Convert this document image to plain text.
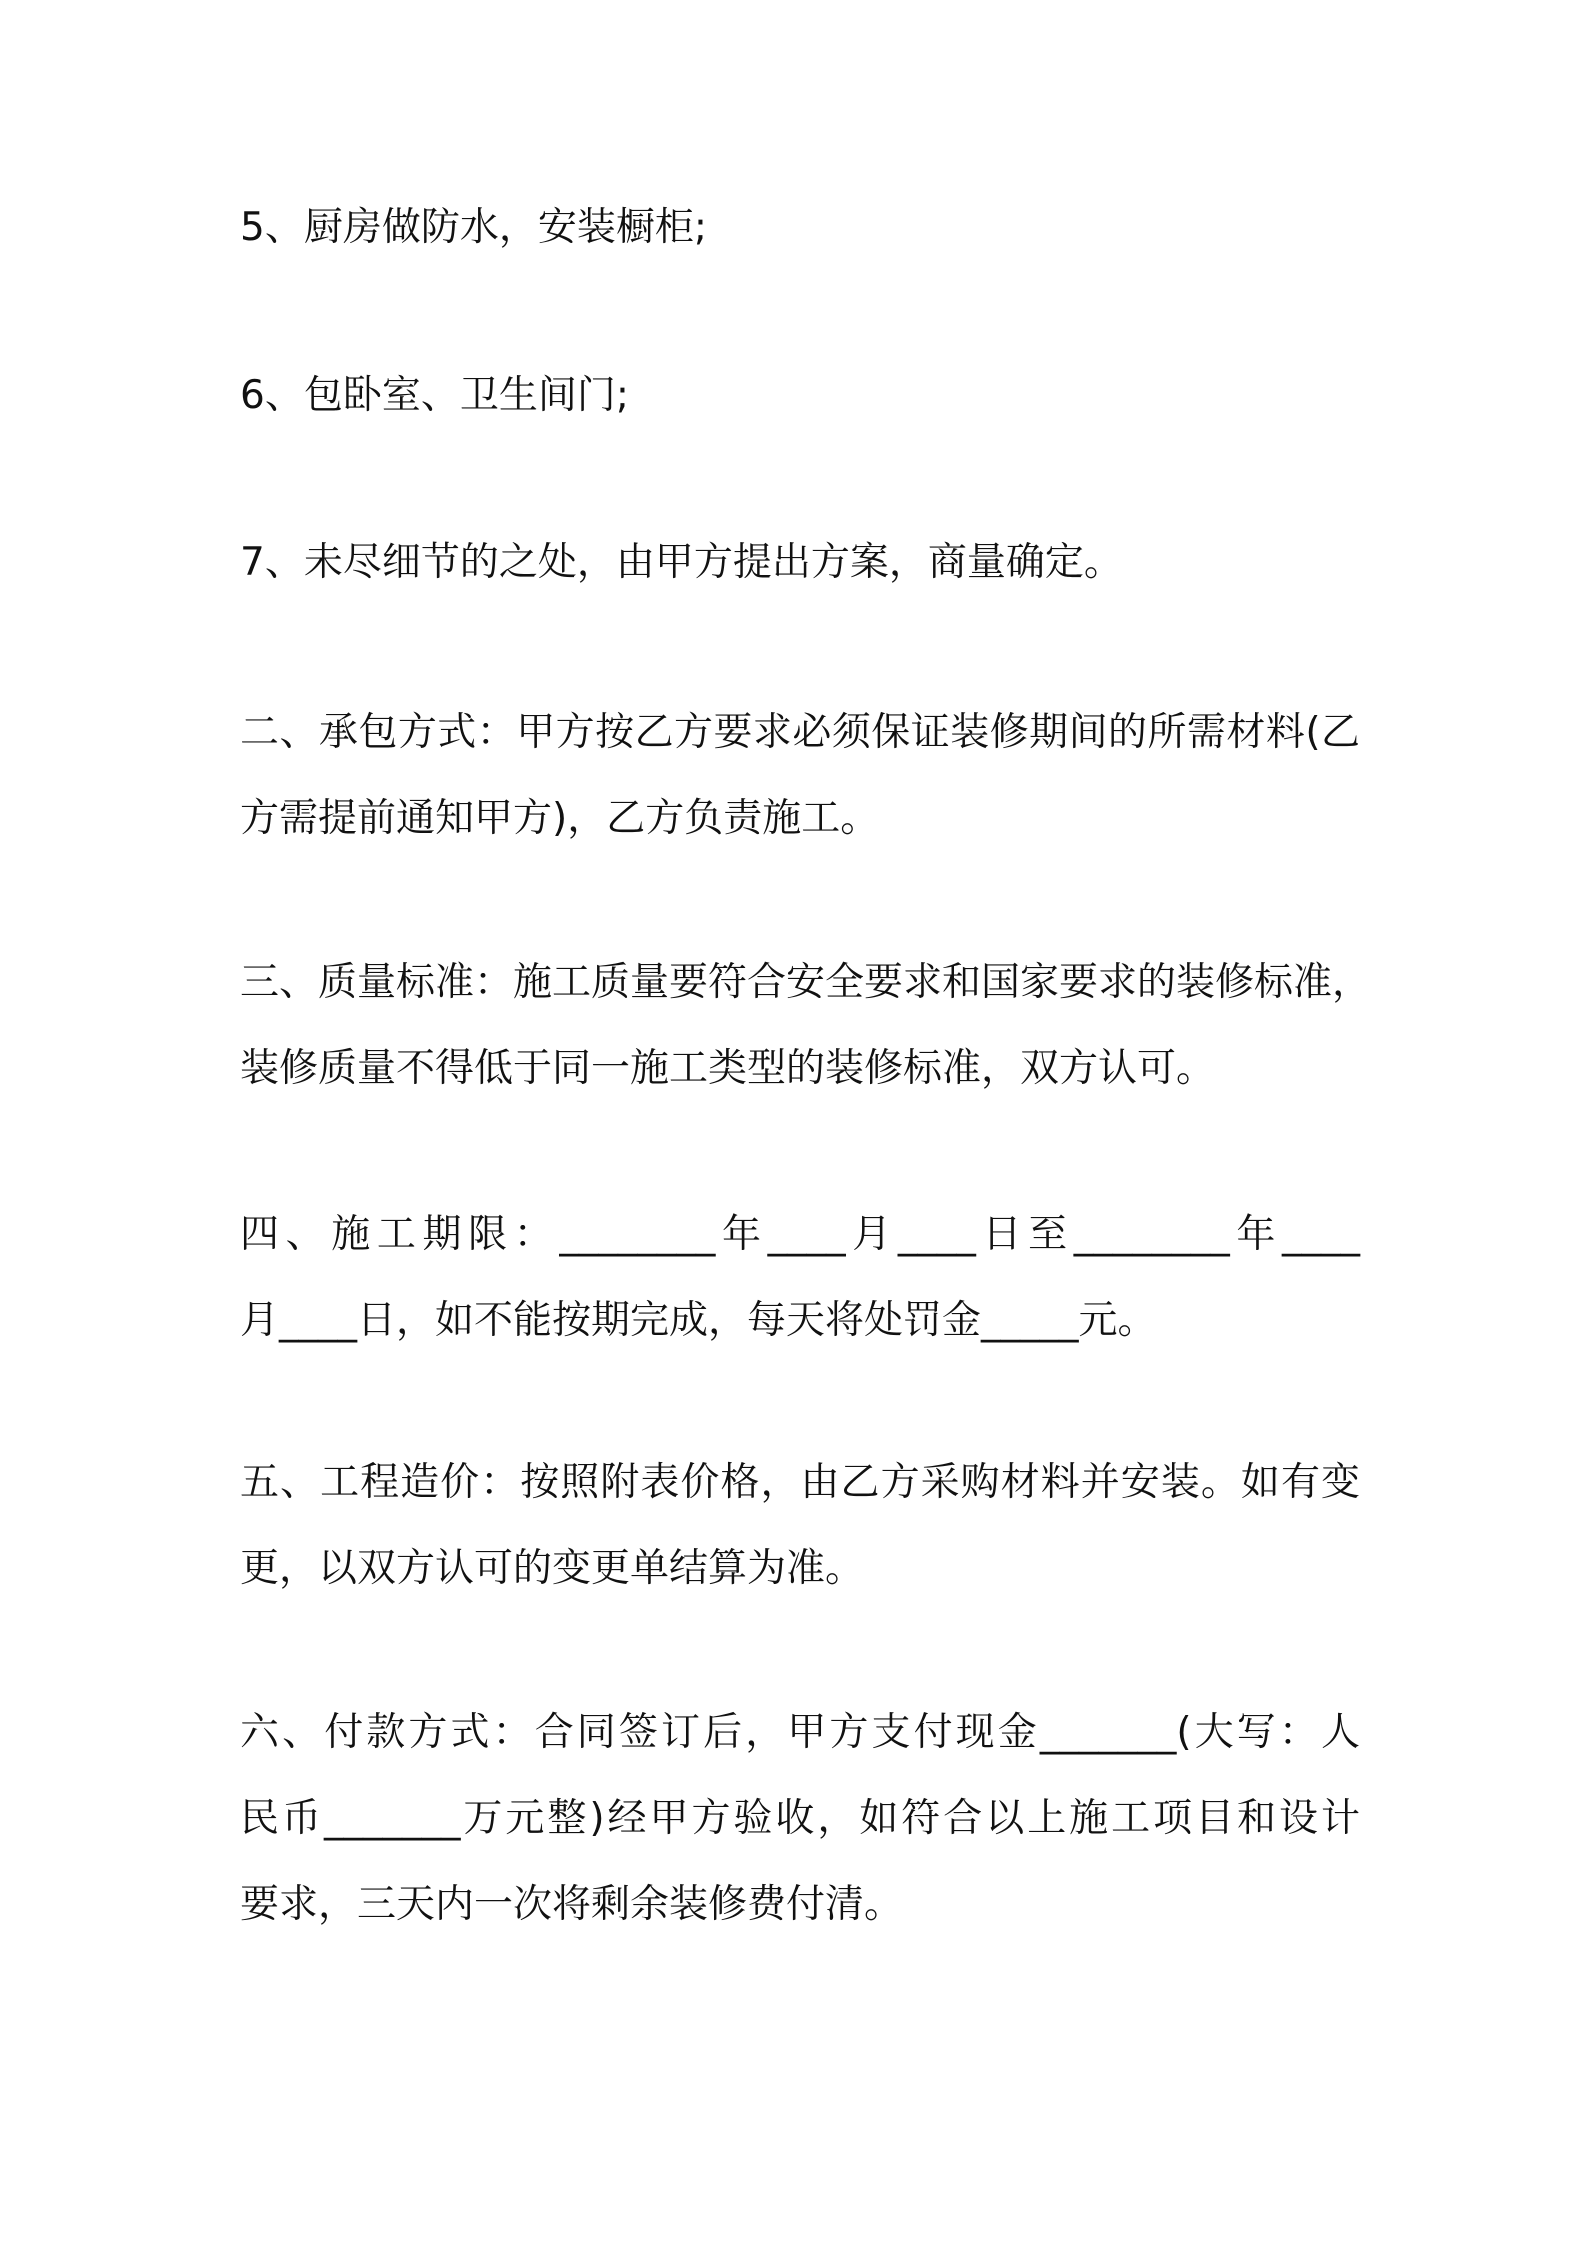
5、厨房做防水，安装橱柜;

6、包卧室、卫生间门;

7、未尽细节的之处，由甲方提出方案，商量确定。

二、承包方式：甲方按乙方要求必须保证装修期间的所需材料(乙
方需提前通知甲方)，乙方负责施工。

三、质量标准：施工质量要符合安全要求和国家要求的装修标准，
装修质量不得低于同一施工类型的装修标准，双方认可。

四、施工期限：________年____月____日至________年____
月____日，如不能按期完成，每天将处罚金_____元。

五、工程造价：按照附表价格，由乙方采购材料并安装。如有变
更，以双方认可的变更单结算为准。

六、付款方式：合同签订后，甲方支付现金_______(大写：人
民币_______万元整)经甲方验收，如符合以上施工项目和设计
要求，三天内一次将剩余装修费付清。
